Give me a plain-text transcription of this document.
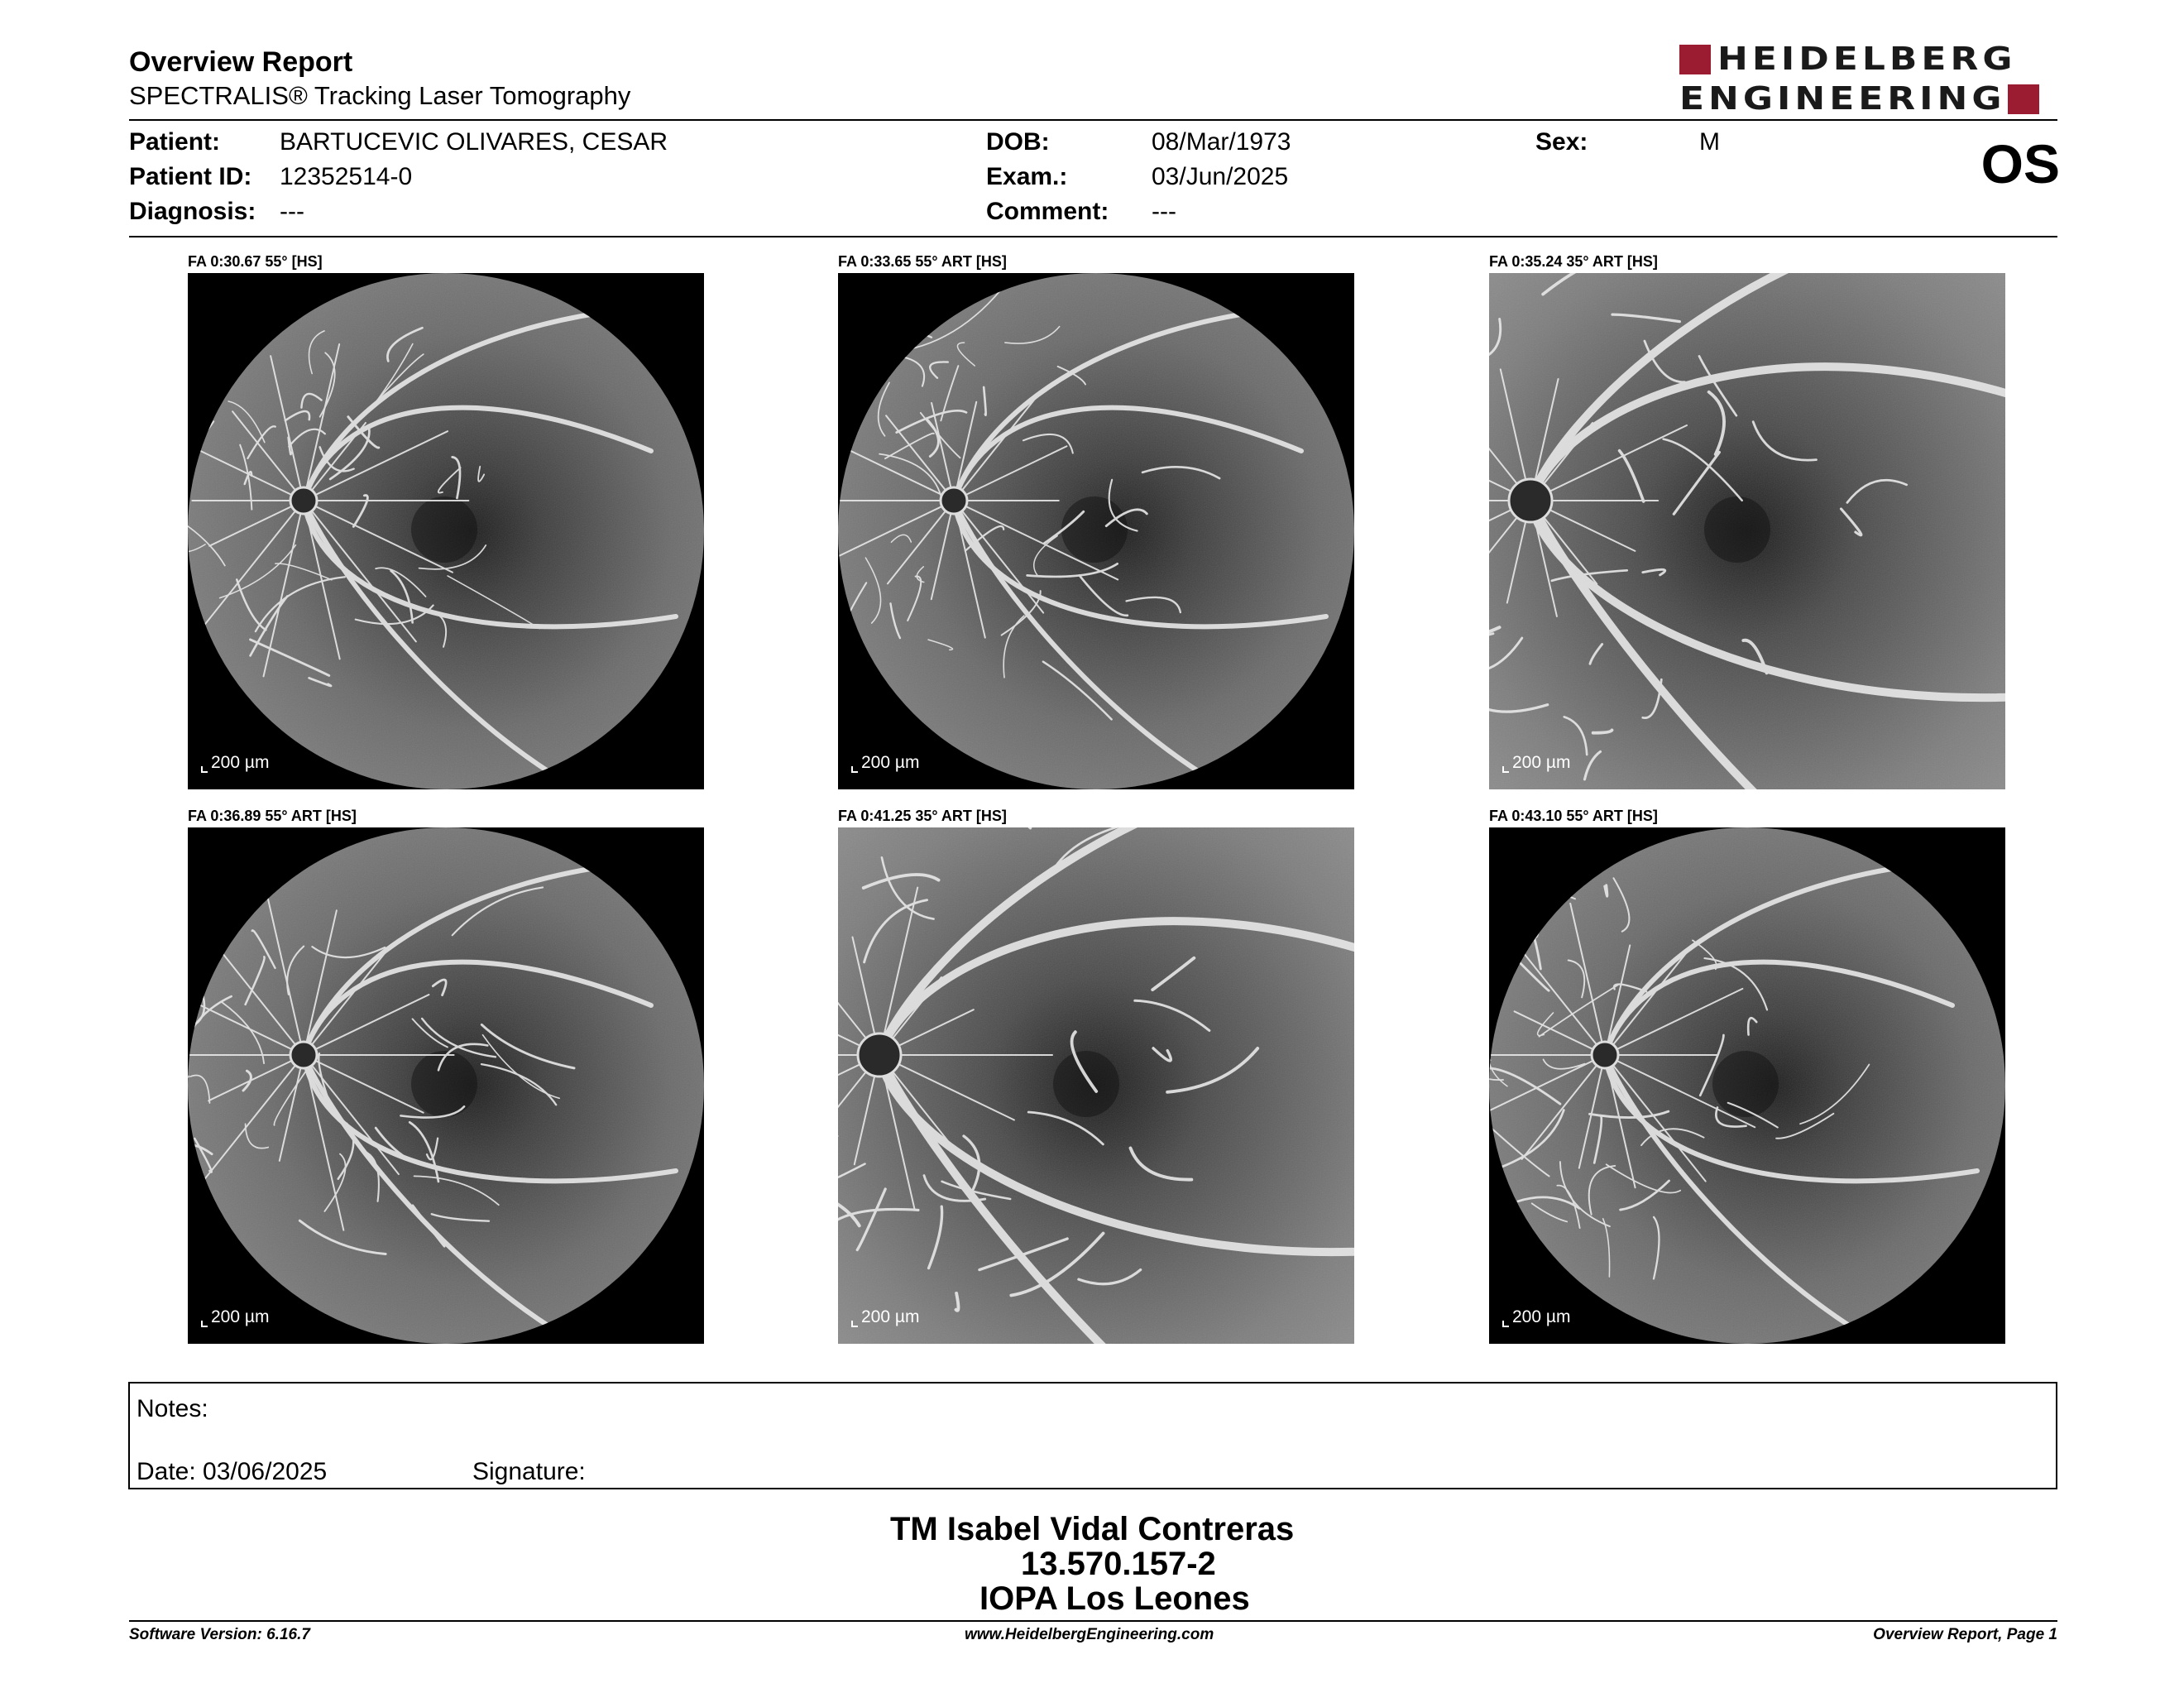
Overview Report
SPECTRALIS® Tracking Laser Tomography
HEIDELBERG
ENGINEERING
Patient: BARTUCEVIC OLIVARES, CESAR
Patient ID: 12352514-0
Diagnosis: ---
DOB:	08/Mar/1973
Exam.:	03/Jun/2025
Comment: ---
Sex:	M	OS
FA 0:30.67 55° [HS]
200 µm
FA 0:33.65 55° ART [HS]
200 µm
FA 0:35.24 35° ART [HS]
200 µm
FA 0:36.89 55° ART [HS]
200 µm
FA 0:41.25 35° ART [HS]
200 µm
FA 0:43.10 55° ART [HS]
200 µm
Notes:
Date: 03/06/2025	Signature:
TM Isabel Vidal Contreras
13.570.157-2
IOPA Los Leones
Software Version: 6.16.7	www.HeidelbergEngineering.com	Overview Report, Page 1
